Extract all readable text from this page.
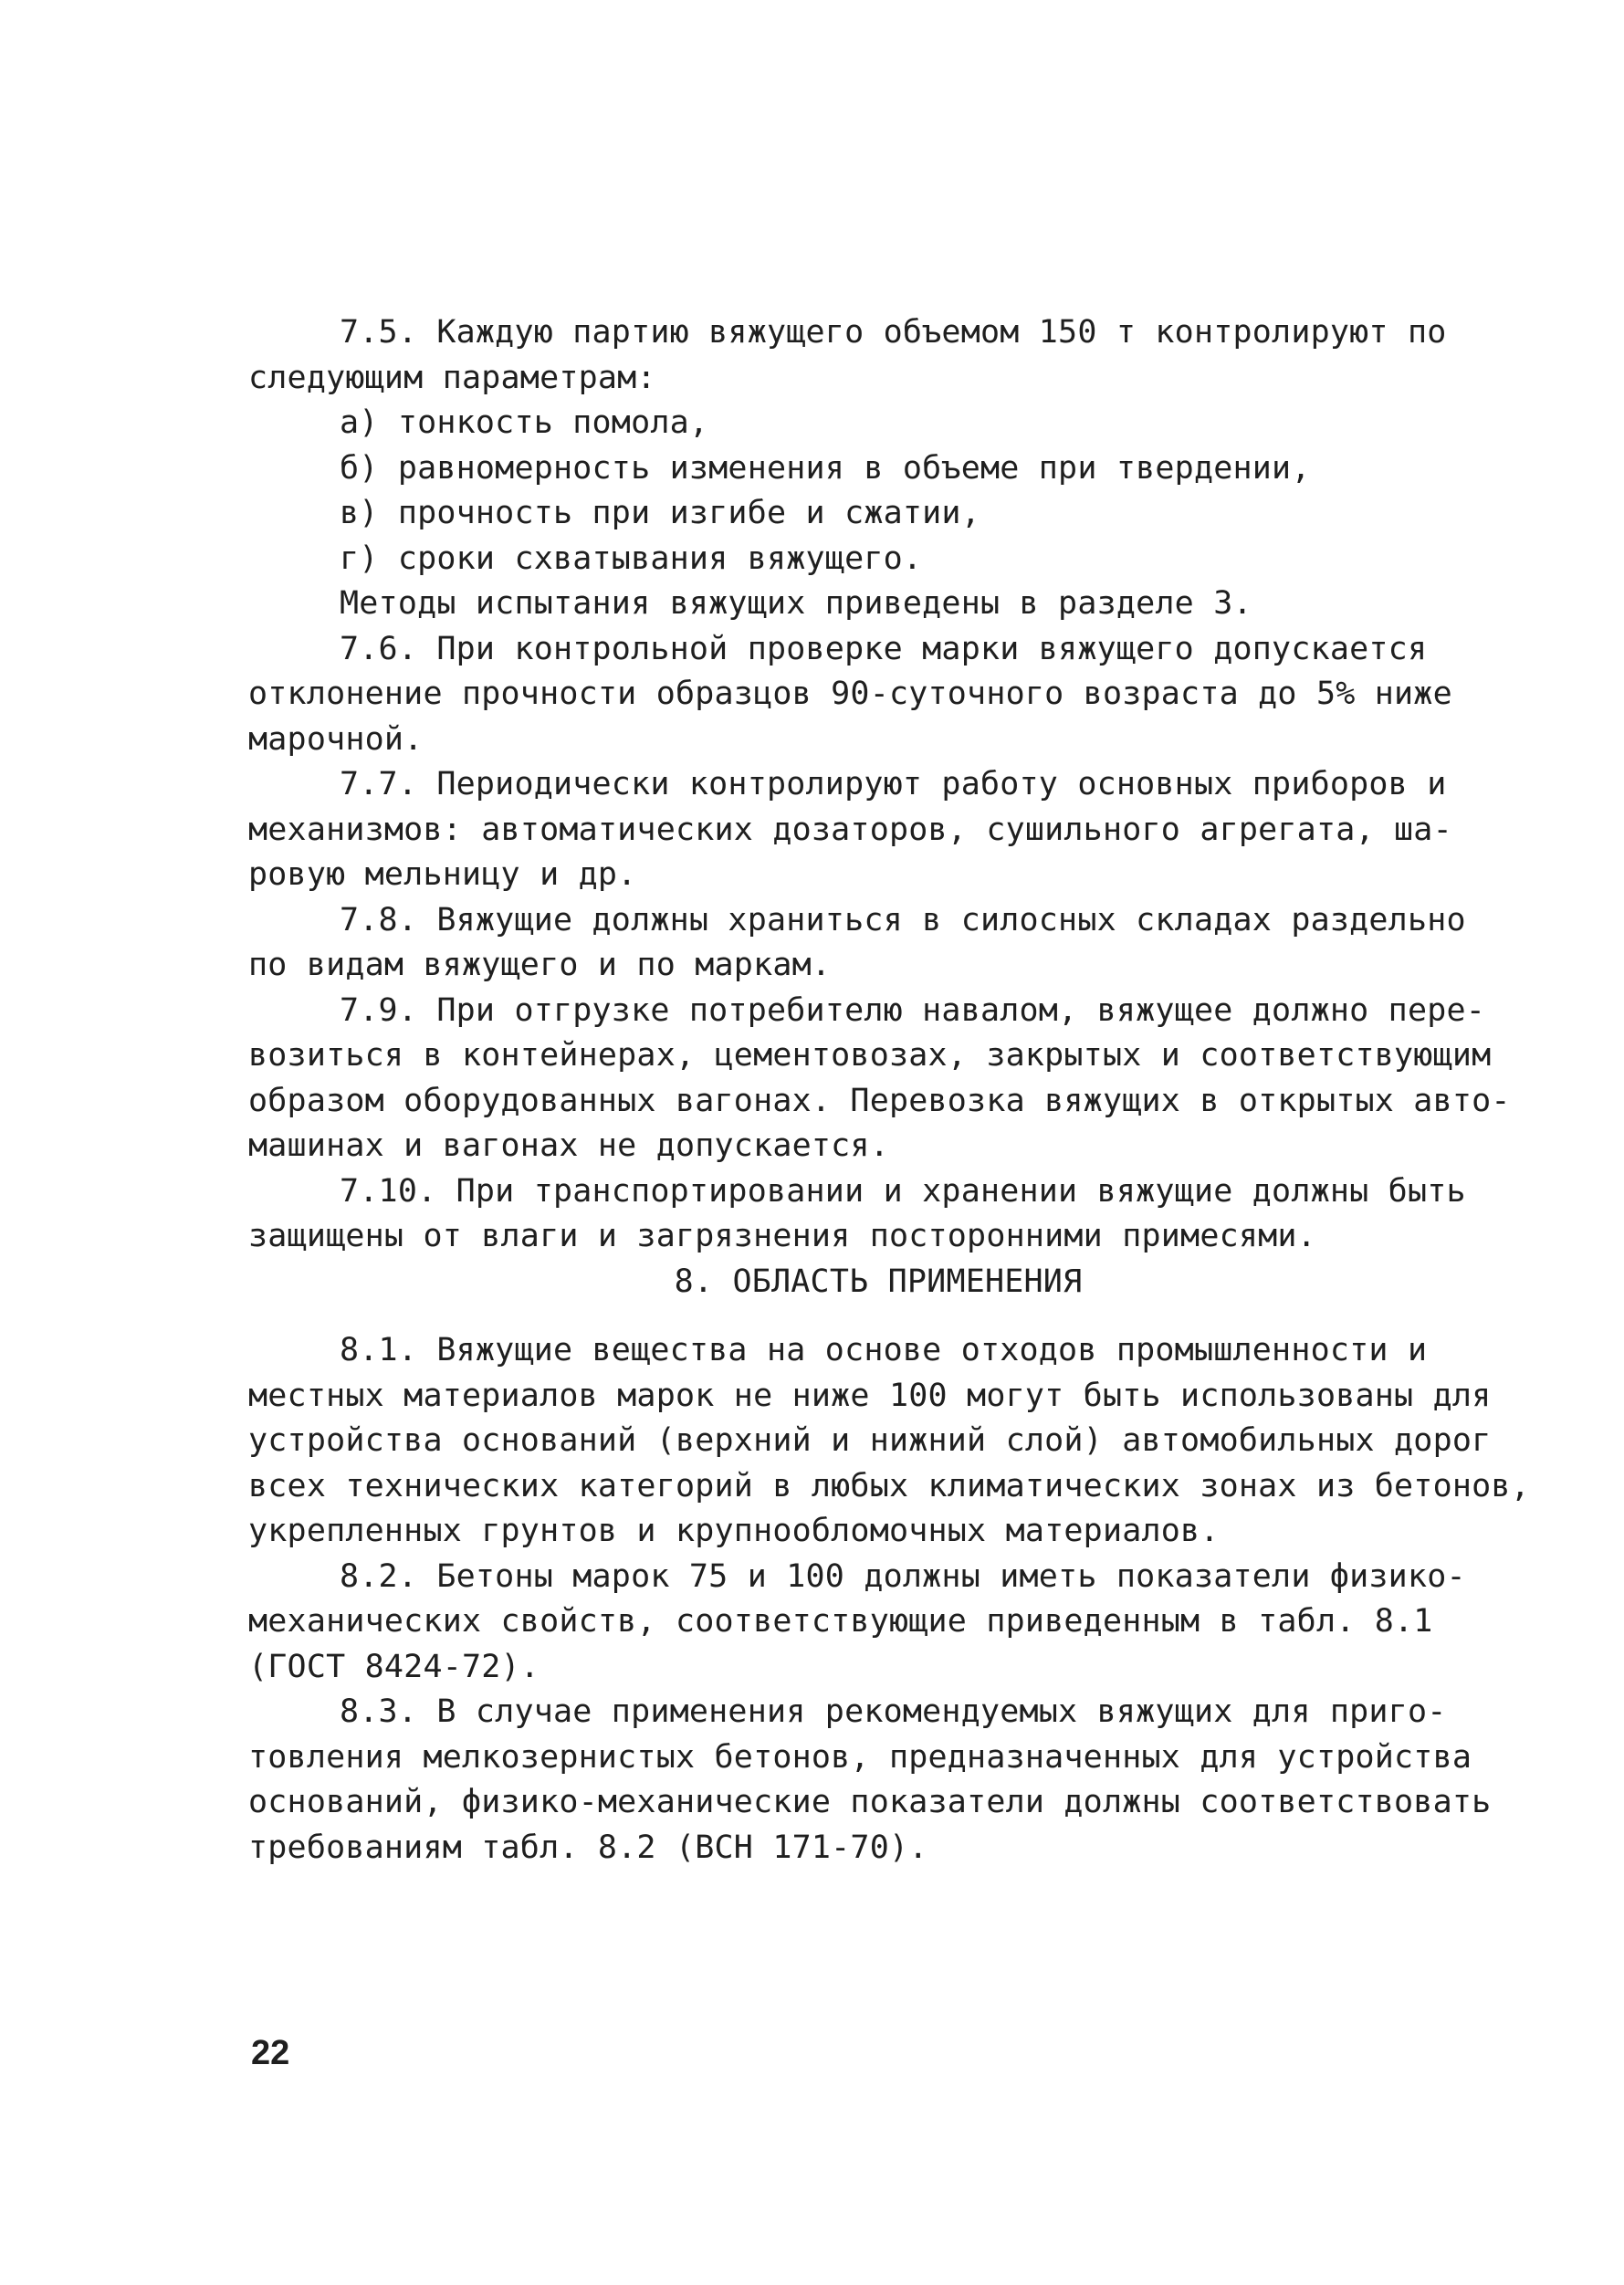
7.5. Каждую партию вяжущего объемом 150 т контролируют по
следующим параметрам:
а) тонкость помола,
б) равномерность изменения в объеме при твердении,
в) прочность при изгибе и сжатии,
г) сроки схватывания вяжущего.
Методы испытания вяжущих приведены в разделе 3.
7.6. При контрольной проверке марки вяжущего допускается
отклонение прочности образцов 90-суточного возраста до 5% ниже
марочной.
7.7. Периодически контролируют работу основных приборов и
механизмов: автоматических дозаторов, сушильного агрегата, ша-
ровую мельницу и др.
7.8. Вяжущие должны храниться в силосных складах раздельно
по видам вяжущего и по маркам.
7.9. При отгрузке потребителю навалом, вяжущее должно пере-
возиться в контейнерах, цементовозах, закрытых и соответствующим
образом оборудованных вагонах. Перевозка вяжущих в открытых авто-
машинах и вагонах не допускается.
7.10. При транспортировании и хранении вяжущие должны быть
защищены от влаги и загрязнения посторонними примесями.
8. ОБЛАСТЬ ПРИМЕНЕНИЯ
8.1. Вяжущие вещества на основе отходов промышленности и
местных материалов марок не ниже 100 могут быть использованы для
устройства оснований (верхний и нижний слой) автомобильных дорог
всех технических категорий в любых климатических зонах из бетонов,
укрепленных грунтов и крупнообломочных материалов.
8.2. Бетоны марок 75 и 100 должны иметь показатели физико-
механических свойств, соответствующие приведенным в табл. 8.1
(ГОСТ 8424-72).
8.3. В случае применения рекомендуемых вяжущих для приго-
товления мелкозернистых бетонов, предназначенных для устройства
оснований, физико-механические показатели должны соответствовать
требованиям табл. 8.2 (ВСН 171-70).
22
